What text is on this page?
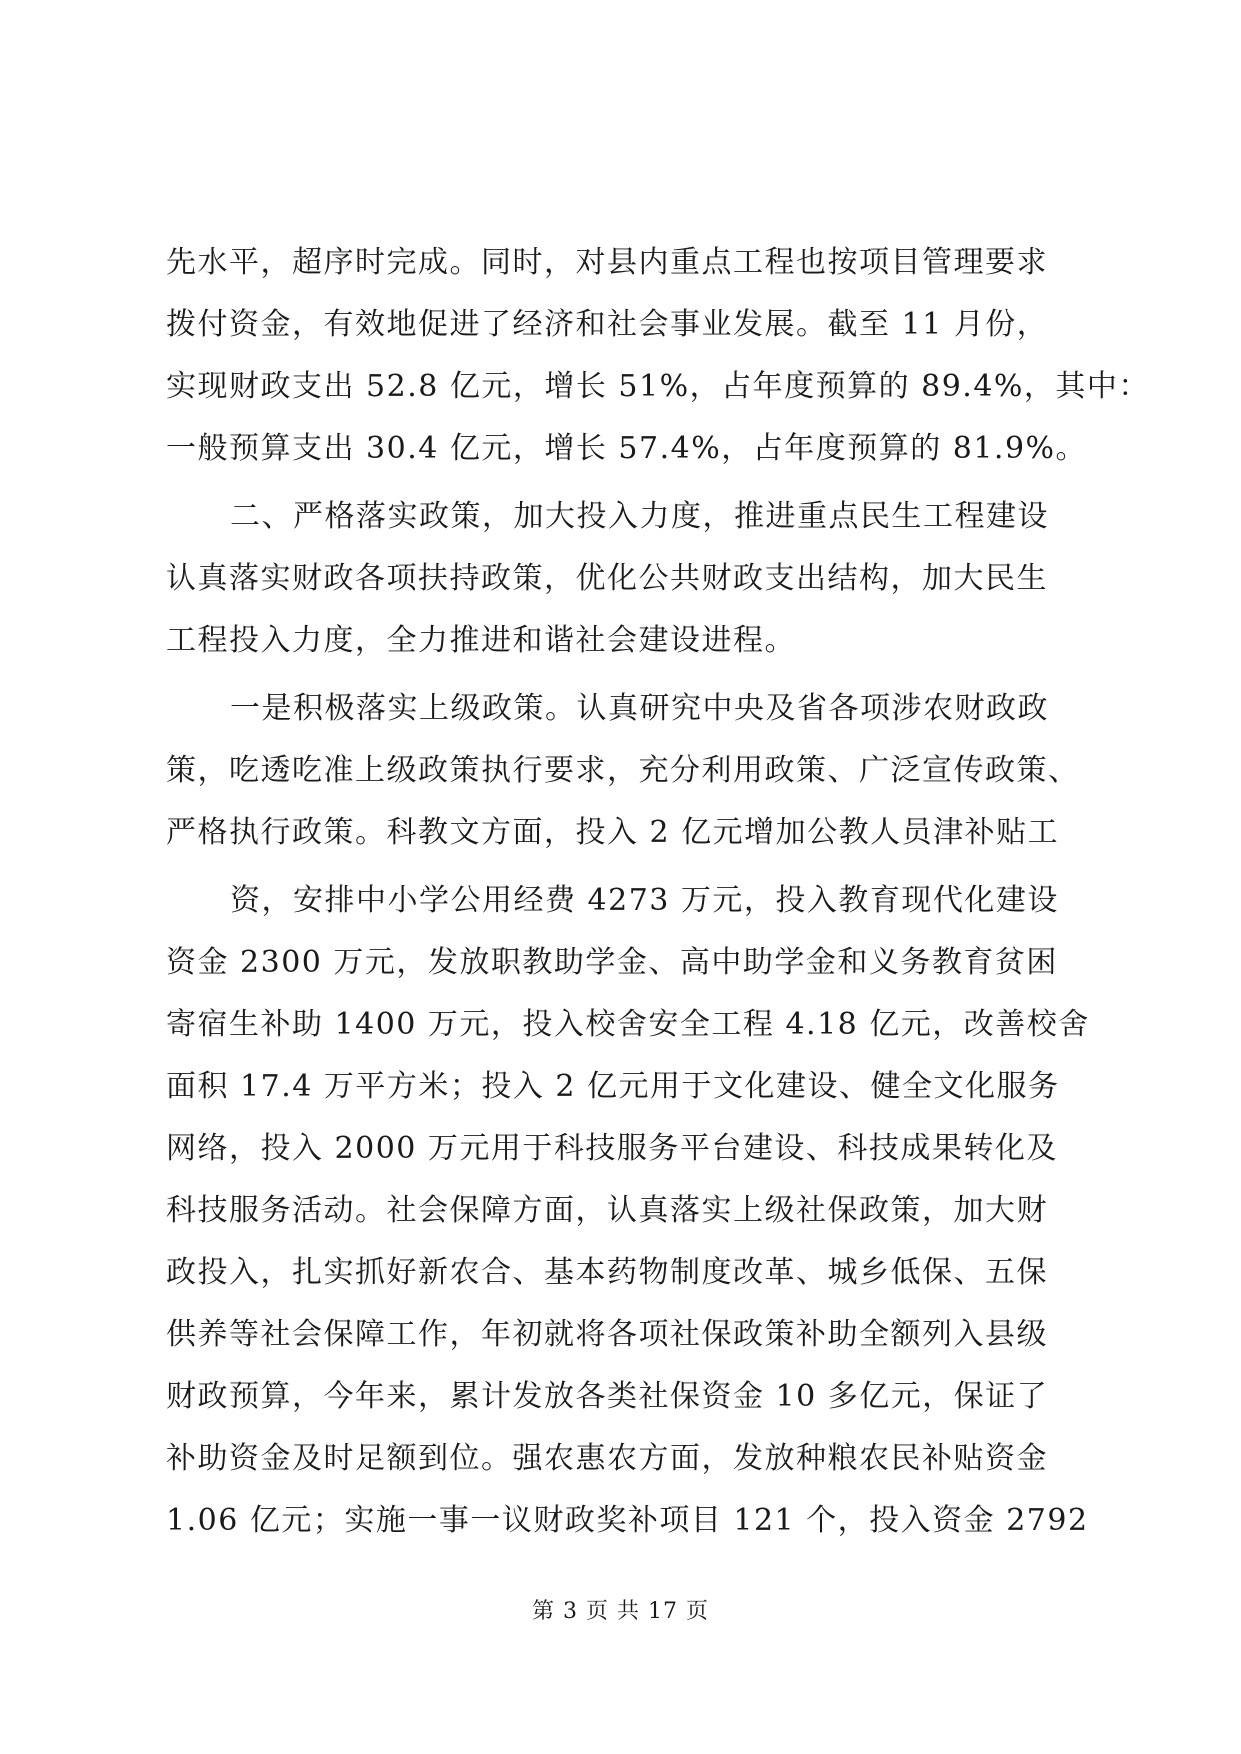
先水平，超序时完成。同时，对县内重点工程也按项目管理要求
拨付资金，有效地促进了经济和社会事业发展。截至 11 月份，
实现财政支出 52.8 亿元，增长 51%，占年度预算的 89.4%，其中：
一般预算支出 30.4 亿元，增长 57.4%，占年度预算的 81.9%。
二、严格落实政策，加大投入力度，推进重点民生工程建设
认真落实财政各项扶持政策，优化公共财政支出结构，加大民生
工程投入力度，全力推进和谐社会建设进程。
一是积极落实上级政策。认真研究中央及省各项涉农财政政
策，吃透吃准上级政策执行要求，充分利用政策、广泛宣传政策、
严格执行政策。科教文方面，投入 2 亿元增加公教人员津补贴工
资，安排中小学公用经费 4273 万元，投入教育现代化建设
资金 2300 万元，发放职教助学金、高中助学金和义务教育贫困
寄宿生补助 1400 万元，投入校舍安全工程 4.18 亿元，改善校舍
面积 17.4 万平方米；投入 2 亿元用于文化建设、健全文化服务
网络，投入 2000 万元用于科技服务平台建设、科技成果转化及
科技服务活动。社会保障方面，认真落实上级社保政策，加大财
政投入，扎实抓好新农合、基本药物制度改革、城乡低保、五保
供养等社会保障工作，年初就将各项社保政策补助全额列入县级
财政预算，今年来，累计发放各类社保资金 10 多亿元，保证了
补助资金及时足额到位。强农惠农方面，发放种粮农民补贴资金
1.06 亿元；实施一事一议财政奖补项目 121 个，投入资金 2792
第 3 页 共 17 页
